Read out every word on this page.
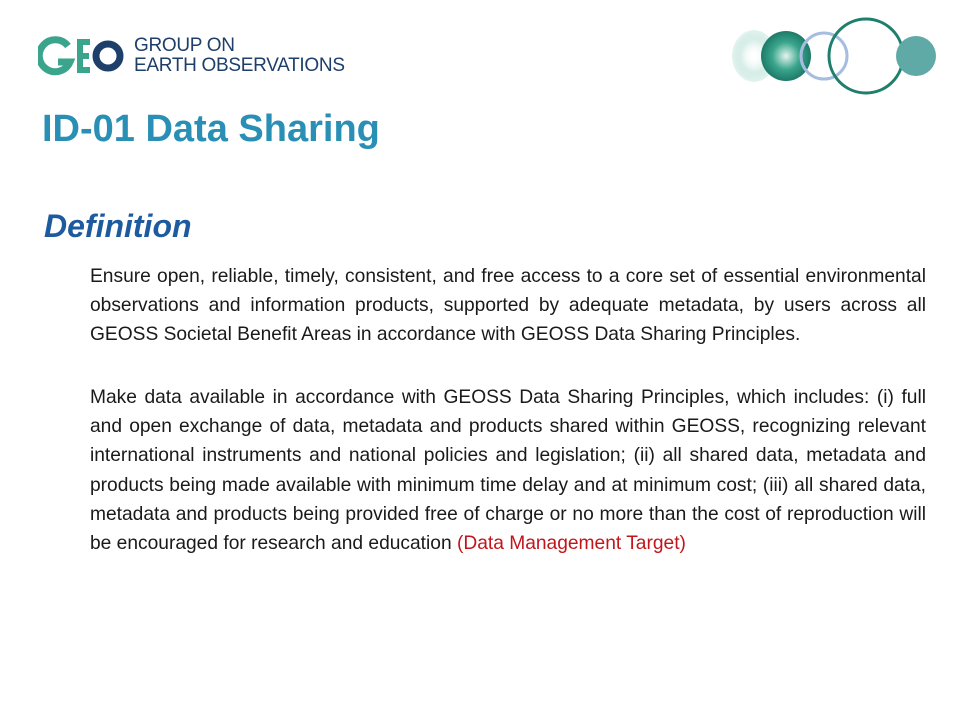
GROUP ON
EARTH OBSERVATIONS
ID-01 Data Sharing
Definition

Ensure open, reliable, timely, consistent, and free access to a core set of essential environmental observations and information products, supported by adequate metadata, by users across all GEOSS Societal Benefit Areas in accordance with GEOSS Data Sharing Principles.

Make data available in accordance with GEOSS Data Sharing Principles, which includes: (i) full and open exchange of data, metadata and products shared within GEOSS, recognizing relevant international instruments and national policies and legislation; (ii) all shared data, metadata and products being made available with minimum time delay and at minimum cost; (iii) all shared data, metadata and products being provided free of charge or no more than the cost of reproduction will be encouraged for research and education (Data Management Target)
